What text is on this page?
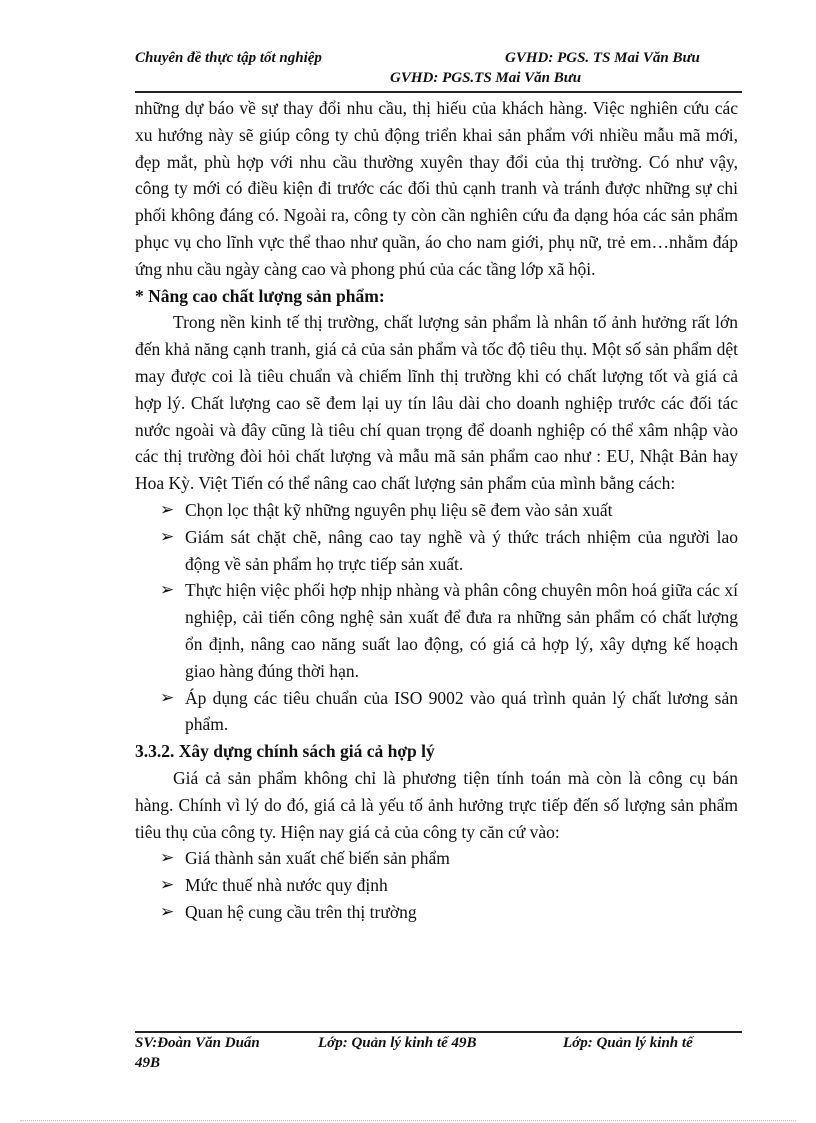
Chuyên đề thực tập tốt nghiệp	GVHD: PGS. TS Mai Văn Bưu
GVHD: PGS.TS Mai Văn Bưu

những dự báo về sự thay đổi nhu cầu, thị hiếu của khách hàng. Việc nghiên cứu các xu hướng này sẽ giúp công ty chủ động triển khai sản phẩm với nhiều mẫu mã mới, đẹp mắt, phù hợp với nhu cầu thường xuyên thay đổi của thị trường. Có như vậy, công ty mới có điều kiện đi trước các đối thủ cạnh tranh và tránh được những sự chi phối không đáng có. Ngoài ra, công ty còn cần nghiên cứu đa dạng hóa các sản phẩm phục vụ cho lĩnh vực thể thao như quần, áo cho nam giới, phụ nữ, trẻ em…nhằm đáp ứng nhu cầu ngày càng cao và phong phú của các tầng lớp xã hội.

* Nâng cao chất lượng sản phẩm:

Trong nền kinh tế thị trường, chất lượng sản phẩm là nhân tố ảnh hưởng rất lớn đến khả năng cạnh tranh, giá cả của sản phẩm và tốc độ tiêu thụ. Một số sản phẩm dệt may được coi là tiêu chuẩn và chiếm lĩnh thị trường khi có chất lượng tốt và giá cả hợp lý. Chất lượng cao sẽ đem lại uy tín lâu dài cho doanh nghiệp trước các đối tác nước ngoài và đây cũng là tiêu chí quan trọng để doanh nghiệp có thể xâm nhập vào các thị trường đòi hỏi chất lượng và mẫu mã sản phẩm cao như : EU, Nhật Bản hay Hoa Kỳ. Việt Tiến có thể nâng cao chất lượng sản phẩm của mình bằng cách:

➢ Chọn lọc thật kỹ những nguyên phụ liệu sẽ đem vào sản xuất
➢ Giám sát chặt chẽ, nâng cao tay nghề và ý thức trách nhiệm của người lao động về sản phẩm họ trực tiếp sản xuất.
➢ Thực hiện việc phối hợp nhịp nhàng và phân công chuyên môn hoá giữa các xí nghiệp, cải tiến công nghệ sản xuất để đưa ra những sản phẩm có chất lượng ổn định, nâng cao năng suất lao động, có giá cả hợp lý, xây dựng kế hoạch giao hàng đúng thời hạn.
➢ Áp dụng các tiêu chuẩn của ISO 9002 vào quá trình quản lý chất lương sản phẩm.

3.3.2. Xây dựng chính sách giá cả hợp lý

Giá cả sản phẩm không chỉ là phương tiện tính toán mà còn là công cụ bán hàng. Chính vì lý do đó, giá cả là yếu tố ảnh hưởng trực tiếp đến số lượng sản phẩm tiêu thụ của công ty. Hiện nay giá cả của công ty căn cứ vào:

➢ Giá thành sản xuất chế biến sản phẩm
➢ Mức thuế nhà nước quy định
➢ Quan hệ cung cầu trên thị trường
SV:Đoàn Văn Duẩn	Lớp: Quản lý kinh tế 49B	Lớp: Quản lý kinh tế
49B
